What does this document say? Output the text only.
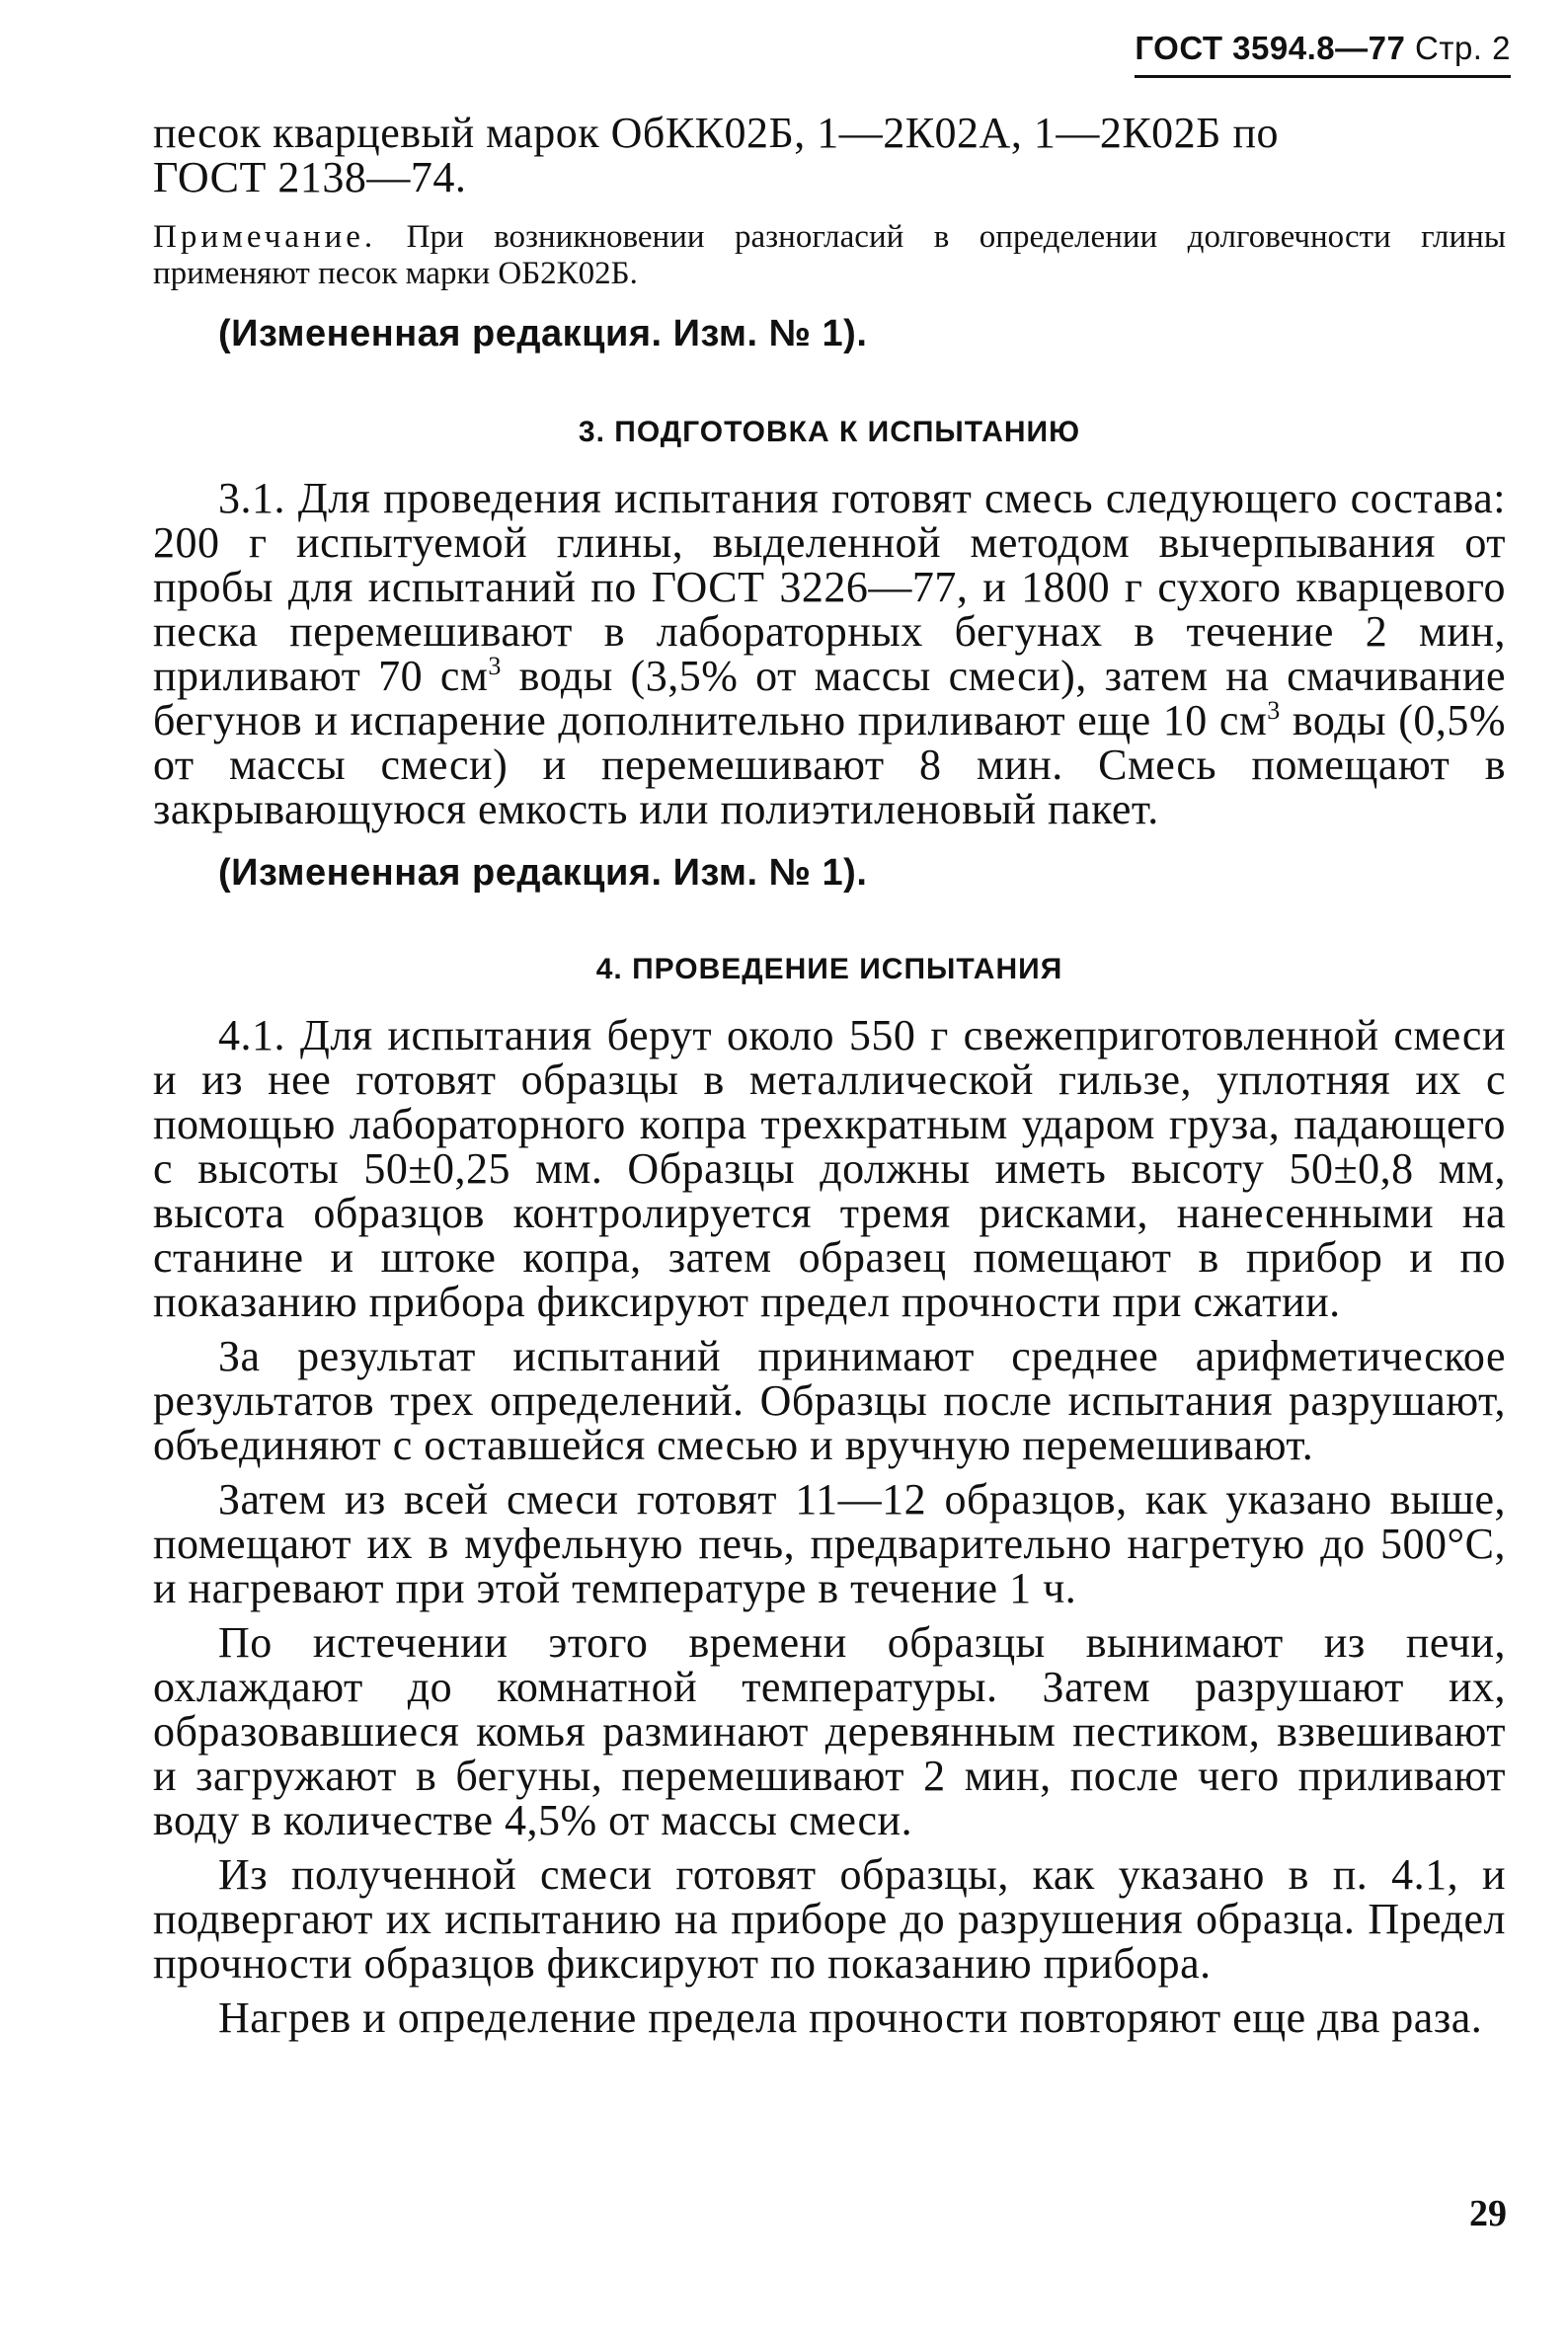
ГОСТ 3594.8—77 Стр. 2

песок кварцевый марок ОбКК02Б, 1—2К02А, 1—2К02Б по
ГОСТ 2138—74.

Примечание. При возникновении разногласий в определении долговечности глины применяют песок марки ОБ2К02Б.

(Измененная редакция. Изм. № 1).

3. ПОДГОТОВКА К ИСПЫТАНИЮ

3.1. Для проведения испытания готовят смесь следующего состава: 200 г испытуемой глины, выделенной методом вычерпывания от пробы для испытаний по ГОСТ 3226—77, и 1800 г сухого кварцевого песка перемешивают в лабораторных бегунах в течение 2 мин, приливают 70 $см^3$ воды (3,5% от массы смеси), затем на смачивание бегунов и испарение дополнительно приливают еще 10 $см^3$ воды (0,5% от массы смеси) и перемешивают 8 мин. Смесь помещают в закрывающуюся емкость или полиэтиленовый пакет.

(Измененная редакция. Изм. № 1).

4. ПРОВЕДЕНИЕ ИСПЫТАНИЯ

4.1. Для испытания берут около 550 г свежеприготовленной смеси и из нее готовят образцы в металлической гильзе, уплотняя их с помощью лабораторного копра трехкратным ударом груза, падающего с высоты 50±0,25 мм. Образцы должны иметь высоту 50±0,8 мм, высота образцов контролируется тремя рисками, нанесенными на станине и штоке копра, затем образец помещают в прибор и по показанию прибора фиксируют предел прочности при сжатии.

За результат испытаний принимают среднее арифметическое результатов трех определений. Образцы после испытания разрушают, объединяют с оставшейся смесью и вручную перемешивают.

Затем из всей смеси готовят 11—12 образцов, как указано выше, помещают их в муфельную печь, предварительно нагретую до 500°С, и нагревают при этой температуре в течение 1 ч.

По истечении этого времени образцы вынимают из печи, охлаждают до комнатной температуры. Затем разрушают их, образовавшиеся комья разминают деревянным пестиком, взвешивают и загружают в бегуны, перемешивают 2 мин, после чего приливают воду в количестве 4,5% от массы смеси.

Из полученной смеси готовят образцы, как указано в п. 4.1, и подвергают их испытанию на приборе до разрушения образца. Предел прочности образцов фиксируют по показанию прибора.

Нагрев и определение предела прочности повторяют еще два раза.

29
